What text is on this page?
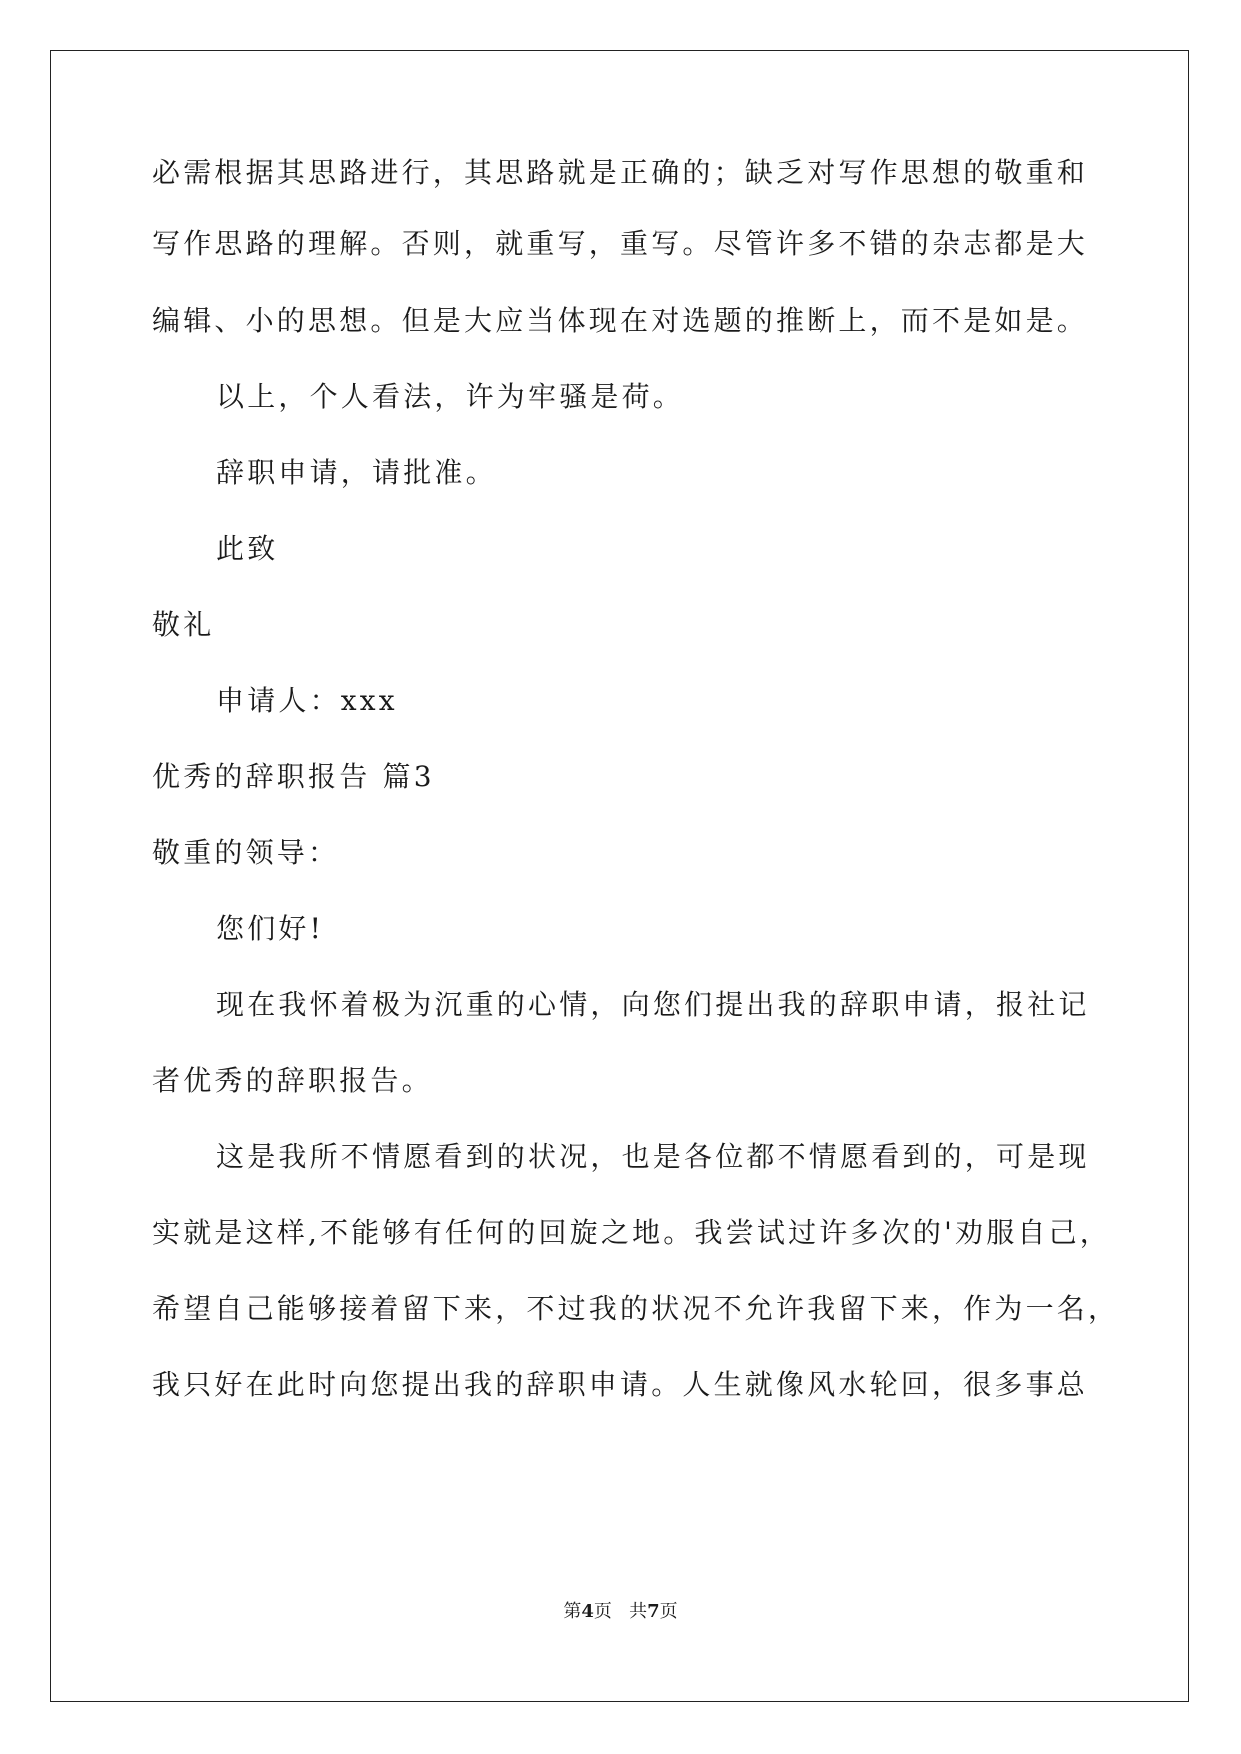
必需根据其思路进行，其思路就是正确的；缺乏对写作思想的敬重和
写作思路的理解。否则，就重写，重写。尽管许多不错的杂志都是大
编辑、小的思想。但是大应当体现在对选题的推断上，而不是如是。
以上，个人看法，许为牢骚是荷。
辞职申请，请批准。
此致
敬礼
申请人：xxx
优秀的辞职报告 篇3
敬重的领导：
您们好!
现在我怀着极为沉重的心情，向您们提出我的辞职申请，报社记
者优秀的辞职报告。
这是我所不情愿看到的状况，也是各位都不情愿看到的，可是现
实就是这样,不能够有任何的回旋之地。我尝试过许多次的'劝服自己，
希望自己能够接着留下来，不过我的状况不允许我留下来，作为一名，
我只好在此时向您提出我的辞职申请。人生就像风水轮回，很多事总
第4页 共7页
